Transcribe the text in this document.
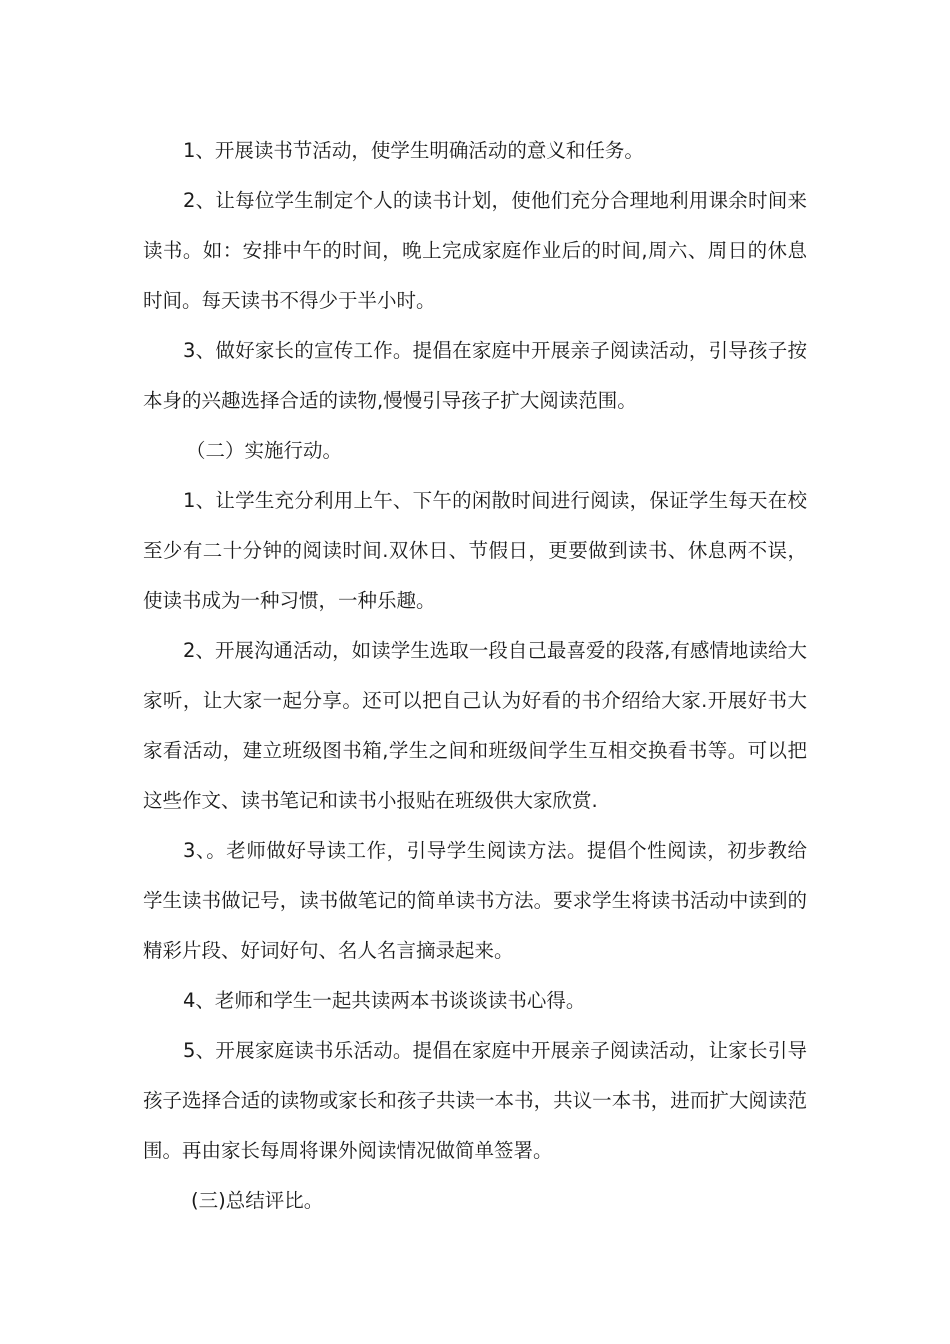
1、开展读书节活动，使学生明确活动的意义和任务。

2、让每位学生制定个人的读书计划，使他们充分合理地利用课余时间来读书。如：安排中午的时间，晚上完成家庭作业后的时间,周六、周日的休息时间。每天读书不得少于半小时。

3、做好家长的宣传工作。提倡在家庭中开展亲子阅读活动，引导孩子按本身的兴趣选择合适的读物,慢慢引导孩子扩大阅读范围。

（二）实施行动。

1、让学生充分利用上午、下午的闲散时间进行阅读，保证学生每天在校至少有二十分钟的阅读时间.双休日、节假日，更要做到读书、休息两不误，使读书成为一种习惯，一种乐趣。

2、开展沟通活动，如读学生选取一段自己最喜爱的段落,有感情地读给大家听，让大家一起分享。还可以把自己认为好看的书介绍给大家.开展好书大家看活动，建立班级图书箱,学生之间和班级间学生互相交换看书等。可以把这些作文、读书笔记和读书小报贴在班级供大家欣赏.

3、。老师做好导读工作，引导学生阅读方法。提倡个性阅读，初步教给学生读书做记号，读书做笔记的简单读书方法。要求学生将读书活动中读到的精彩片段、好词好句、名人名言摘录起来。

4、老师和学生一起共读两本书谈谈读书心得。

5、开展家庭读书乐活动。提倡在家庭中开展亲子阅读活动，让家长引导孩子选择合适的读物或家长和孩子共读一本书，共议一本书，进而扩大阅读范围。再由家长每周将课外阅读情况做简单签署。

(三)总结评比。
